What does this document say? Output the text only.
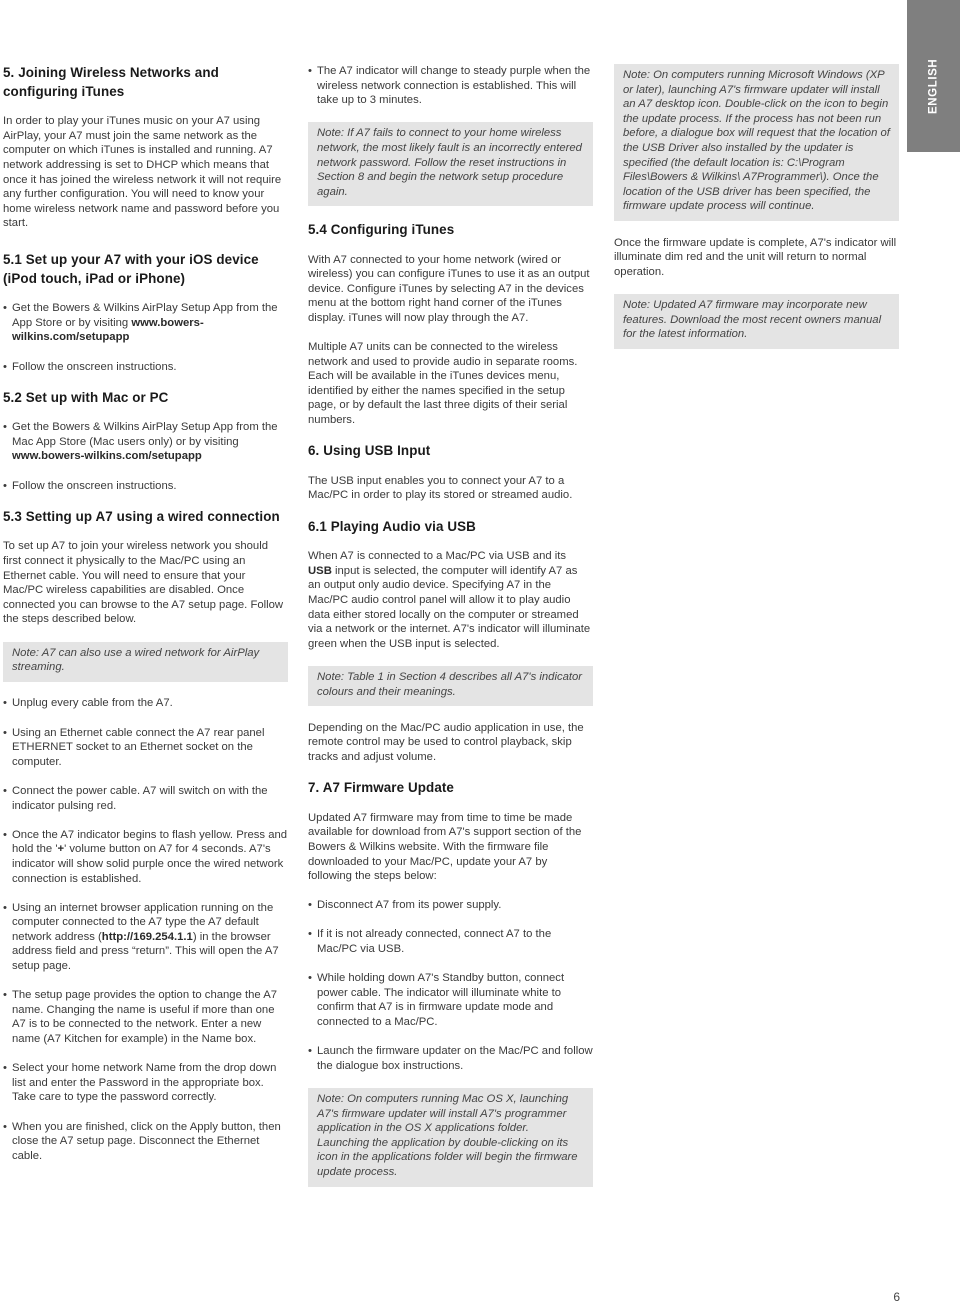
ENGLISH
5. Joining Wireless Networks and configuring iTunes

In order to play your iTunes music on your A7 using AirPlay, your A7 must join the same network as the computer on which iTunes is installed and running. A7 network addressing is set to DHCP which means that once it has joined the wireless network it will not require any further configuration. You will need to know your home wireless network name and password before you start.

5.1 Set up your A7 with your iOS device (iPod touch, iPad or iPhone)
• Get the Bowers & Wilkins AirPlay Setup App from the App Store or by visiting www.bowers-wilkins.com/setupapp
• Follow the onscreen instructions.
5.2 Set up with Mac or PC
• Get the Bowers & Wilkins AirPlay Setup App from the Mac App Store (Mac users only) or by visiting www.bowers-wilkins.com/setupapp
• Follow the onscreen instructions.
5.3 Setting up A7 using a wired connection

To set up A7 to join your wireless network you should first connect it physically to the Mac/PC using an Ethernet cable. You will need to ensure that your Mac/PC wireless capabilities are disabled. Once connected you can browse to the A7 setup page. Follow the steps described below.

Note: A7 can also use a wired network for AirPlay streaming.
• Unplug every cable from the A7.
• Using an Ethernet cable connect the A7 rear panel ETHERNET socket to an Ethernet socket on the computer.
• Connect the power cable. A7 will switch on with the indicator pulsing red.
• Once the A7 indicator begins to flash yellow. Press and hold the '+' volume button on A7 for 4 seconds. A7's indicator will show solid purple once the wired network connection is established.
• Using an internet browser application running on the computer connected to the A7 type the A7 default network address (http://169.254.1.1) in the browser address field and press “return”. This will open the A7 setup page.
• The setup page provides the option to change the A7 name. Changing the name is useful if more than one A7 is to be connected to the network. Enter a new name (A7 Kitchen for example) in the Name box.
• Select your home network Name from the drop down list and enter the Password in the appropriate box. Take care to type the password correctly.
• When you are finished, click on the Apply button, then close the A7 setup page. Disconnect the Ethernet cable.
• The A7 indicator will change to steady purple when the wireless network connection is established. This will take up to 3 minutes.
Note: If A7 fails to connect to your home wireless network, the most likely fault is an incorrectly entered network password. Follow the reset instructions in Section 8 and begin the network setup procedure again.
5.4 Configuring iTunes

With A7 connected to your home network (wired or wireless) you can configure iTunes to use it as an output device. Configure iTunes by selecting A7 in the devices menu at the bottom right hand corner of the iTunes display. iTunes will now play through the A7.

Multiple A7 units can be connected to the wireless network and used to provide audio in separate rooms. Each will be available in the iTunes devices menu, identified by either the names specified in the setup page, or by default the last three digits of their serial numbers.

6. Using USB Input

The USB input enables you to connect your A7 to a Mac/PC in order to play its stored or streamed audio.

6.1 Playing Audio via USB

When A7 is connected to a Mac/PC via USB and its USB input is selected, the computer will identify A7 as an output only audio device. Specifying A7 in the Mac/PC audio control panel will allow it to play audio data either stored locally on the computer or streamed via a network or the internet. A7's indicator will illuminate green when the USB input is selected.

Note: Table 1 in Section 4 describes all A7's indicator colours and their meanings.

Depending on the Mac/PC audio application in use, the remote control may be used to control playback, skip tracks and adjust volume.

7. A7 Firmware Update

Updated A7 firmware may from time to time be made available for download from A7's support section of the Bowers & Wilkins website. With the firmware file downloaded to your Mac/PC, update your A7 by following the steps below:

• Disconnect A7 from its power supply.
• If it is not already connected, connect A7 to the Mac/PC via USB.
• While holding down A7's Standby button, connect power cable. The indicator will illuminate white to confirm that A7 is in firmware update mode and connected to a Mac/PC.
• Launch the firmware updater on the Mac/PC and follow the dialogue box instructions.
Note: On computers running Mac OS X, launching A7's firmware updater will install A7's programmer application in the OS X applications folder. Launching the application by double-clicking on its icon in the applications folder will begin the firmware update process.
Note: On computers running Microsoft Windows (XP or later), launching A7's firmware updater will install an A7 desktop icon. Double-click on the icon to begin the update process. If the process has not been run before, a dialogue box will request that the location of the USB Driver also installed by the updater is specified (the default location is: C:\Program Files\Bowers & Wilkins\ A7Programmer\). Once the location of the USB driver has been specified, the firmware update process will continue.

Once the firmware update is complete, A7's indicator will illuminate dim red and the unit will return to normal operation.

Note: Updated A7 firmware may incorporate new features. Download the most recent owners manual for the latest information.
6
